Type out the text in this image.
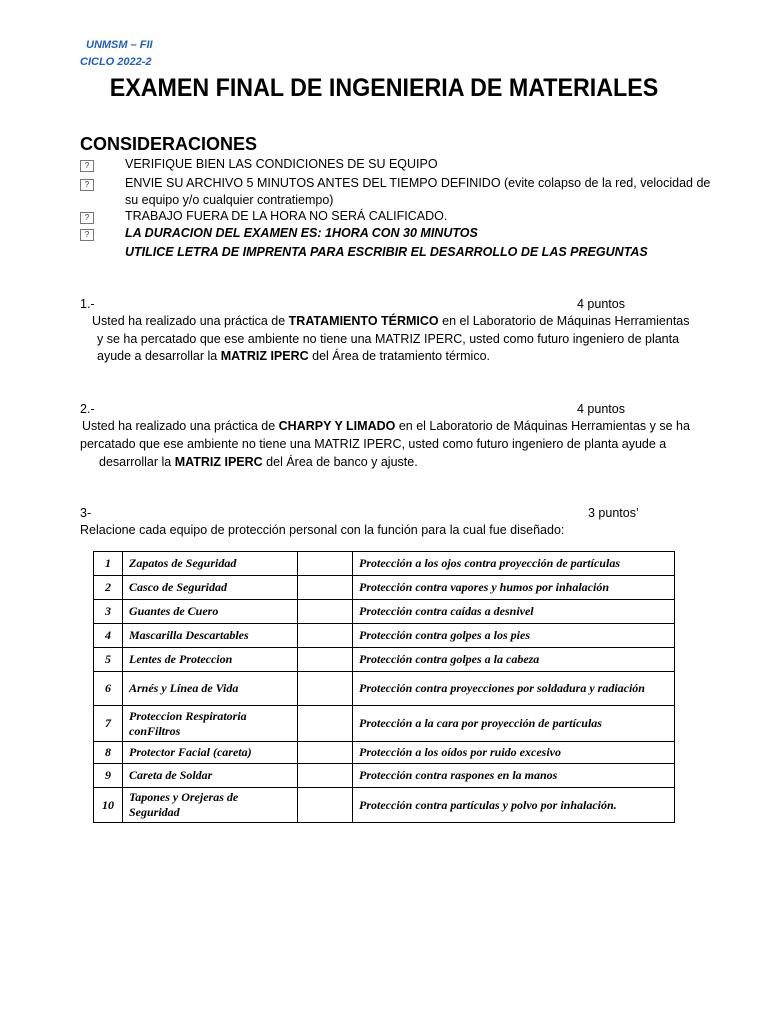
UNMSM – FII
CICLO 2022-2
EXAMEN FINAL DE INGENIERIA DE MATERIALES
CONSIDERACIONES
?	VERIFIQUE BIEN LAS CONDICIONES DE SU EQUIPO
?	ENVIE SU ARCHIVO 5 MINUTOS ANTES DEL TIEMPO DEFINIDO (evite colapso de la red, velocidad de
su equipo y/o cualquier contratiempo)
?	TRABAJO FUERA DE LA HORA NO SERÁ CALIFICADO.
?	LA DURACION DEL EXAMEN ES: 1HORA CON 30 MINUTOS
UTILICE LETRA DE IMPRENTA PARA ESCRIBIR EL DESARROLLO DE LAS PREGUNTAS
1.-	4 puntos
Usted ha realizado una práctica de TRATAMIENTO TÉRMICO en el Laboratorio de Máquinas Herramientas
y se ha percatado que ese ambiente no tiene una MATRIZ IPERC, usted como futuro ingeniero de planta
ayude a desarrollar la MATRIZ IPERC del Área de tratamiento térmico.
2.-	4 puntos
Usted ha realizado una práctica de CHARPY Y LIMADO en el Laboratorio de Máquinas Herramientas y se ha
percatado que ese ambiente no tiene una MATRIZ IPERC, usted como futuro ingeniero de planta ayude a
desarrollar la MATRIZ IPERC del Área de banco y ajuste.
3-	3 puntos’
Relacione cada equipo de protección personal con la función para la cual fue diseñado:
1	Zapatos de Seguridad		Protección a los ojos contra proyección de partículas
2	Casco de Seguridad		Protección contra vapores y humos por inhalación
3	Guantes de Cuero		Protección contra caídas a desnivel
4	Mascarilla Descartables		Protección contra golpes a los pies
5	Lentes de Proteccion		Protección contra golpes a la cabeza
6	Arnés y Línea de Vida		Protección contra proyecciones por soldadura y radiación
7	Proteccion Respiratoria conFiltros		Protección a la cara por proyección de partículas
8	Protector Facial (careta)		Protección a los oídos por ruido excesivo
9	Careta de Soldar		Protección contra raspones en la manos
10	Tapones y Orejeras de Seguridad		Protección contra partículas y polvo por inhalación.
